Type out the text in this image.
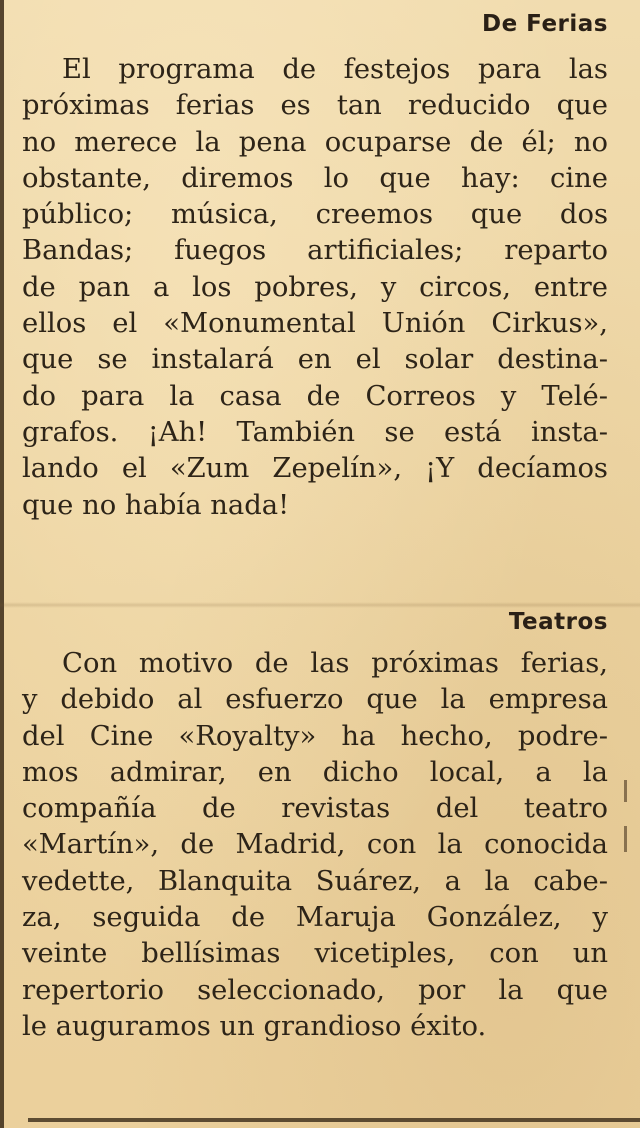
De Ferias

El programa de festejos para las
próximas ferias es tan reducido que
no merece la pena ocuparse de él; no
obstante, diremos lo que hay: cine
público; música, creemos que dos
Bandas; fuegos artificiales; reparto
de pan a los pobres, y circos, entre
ellos el «Monumental Unión Cirkus»,
que se instalará en el solar destina-
do para la casa de Correos y Telé-
grafos. ¡Ah! También se está insta-
lando el «Zum Zepelín», ¡Y decíamos
que no había nada!

Teatros

Con motivo de las próximas ferias,
y debido al esfuerzo que la empresa
del Cine «Royalty» ha hecho, podre-
mos admirar, en dicho local, a la
compañía de revistas del teatro
«Martín», de Madrid, con la conocida
vedette, Blanquita Suárez, a la cabe-
za, seguida de Maruja González, y
veinte bellísimas vicetiples, con un
repertorio seleccionado, por la que
le auguramos un grandioso éxito.
